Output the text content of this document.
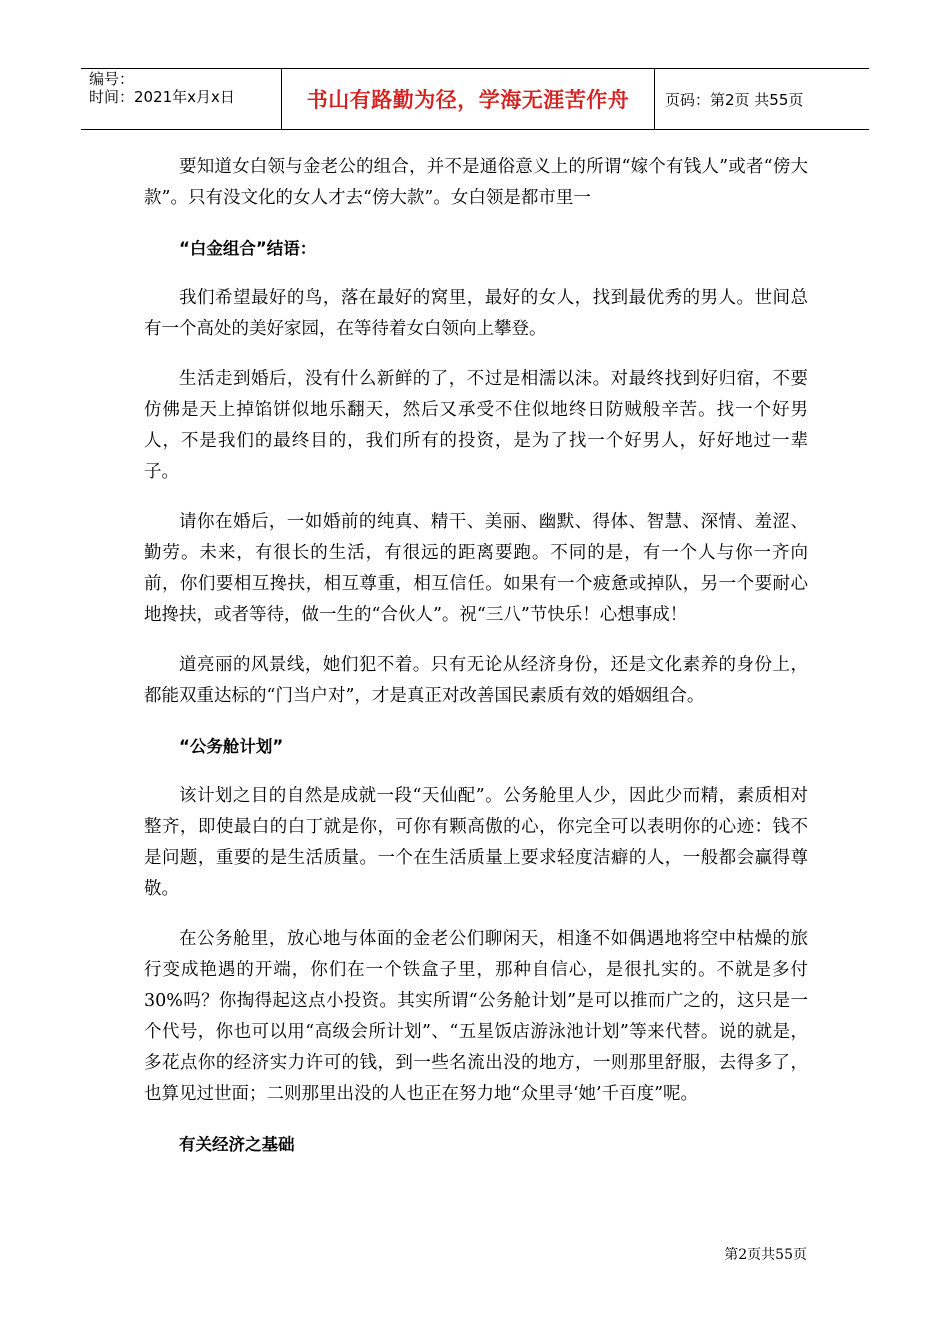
编号：
时间：2021年x月x日	书山有路勤为径，学海无涯苦作舟	页码：第2页 共55页

要知道女白领与金老公的组合，并不是通俗意义上的所谓“嫁个有钱人”或者“傍大款”。只有没文化的女人才去“傍大款”。女白领是都市里一

“白金组合”结语：

我们希望最好的鸟，落在最好的窝里，最好的女人，找到最优秀的男人。世间总有一个高处的美好家园，在等待着女白领向上攀登。

生活走到婚后，没有什么新鲜的了，不过是相濡以沫。对最终找到好归宿，不要仿佛是天上掉馅饼似地乐翻天，然后又承受不住似地终日防贼般辛苦。找一个好男人，不是我们的最终目的，我们所有的投资，是为了找一个好男人，好好地过一辈子。

请你在婚后，一如婚前的纯真、精干、美丽、幽默、得体、智慧、深情、羞涩、勤劳。未来，有很长的生活，有很远的距离要跑。不同的是，有一个人与你一齐向前，你们要相互搀扶，相互尊重，相互信任。如果有一个疲惫或掉队，另一个要耐心地搀扶，或者等待，做一生的“合伙人”。祝“三八”节快乐！心想事成！

道亮丽的风景线，她们犯不着。只有无论从经济身份，还是文化素养的身份上，都能双重达标的“门当户对”，才是真正对改善国民素质有效的婚姻组合。

“公务舱计划”

该计划之目的自然是成就一段“天仙配”。公务舱里人少，因此少而精，素质相对整齐，即使最白的白丁就是你，可你有颗高傲的心，你完全可以表明你的心迹：钱不是问题，重要的是生活质量。一个在生活质量上要求轻度洁癖的人，一般都会赢得尊敬。

在公务舱里，放心地与体面的金老公们聊闲天，相逢不如偶遇地将空中枯燥的旅行变成艳遇的开端，你们在一个铁盒子里，那种自信心，是很扎实的。不就是多付30%吗？你掏得起这点小投资。其实所谓“公务舱计划”是可以推而广之的，这只是一个代号，你也可以用“高级会所计划”、“五星饭店游泳池计划”等来代替。说的就是，多花点你的经济实力许可的钱，到一些名流出没的地方，一则那里舒服，去得多了，也算见过世面；二则那里出没的人也正在努力地“众里寻‘她’千百度”呢。

有关经济之基础

第2页共55页
